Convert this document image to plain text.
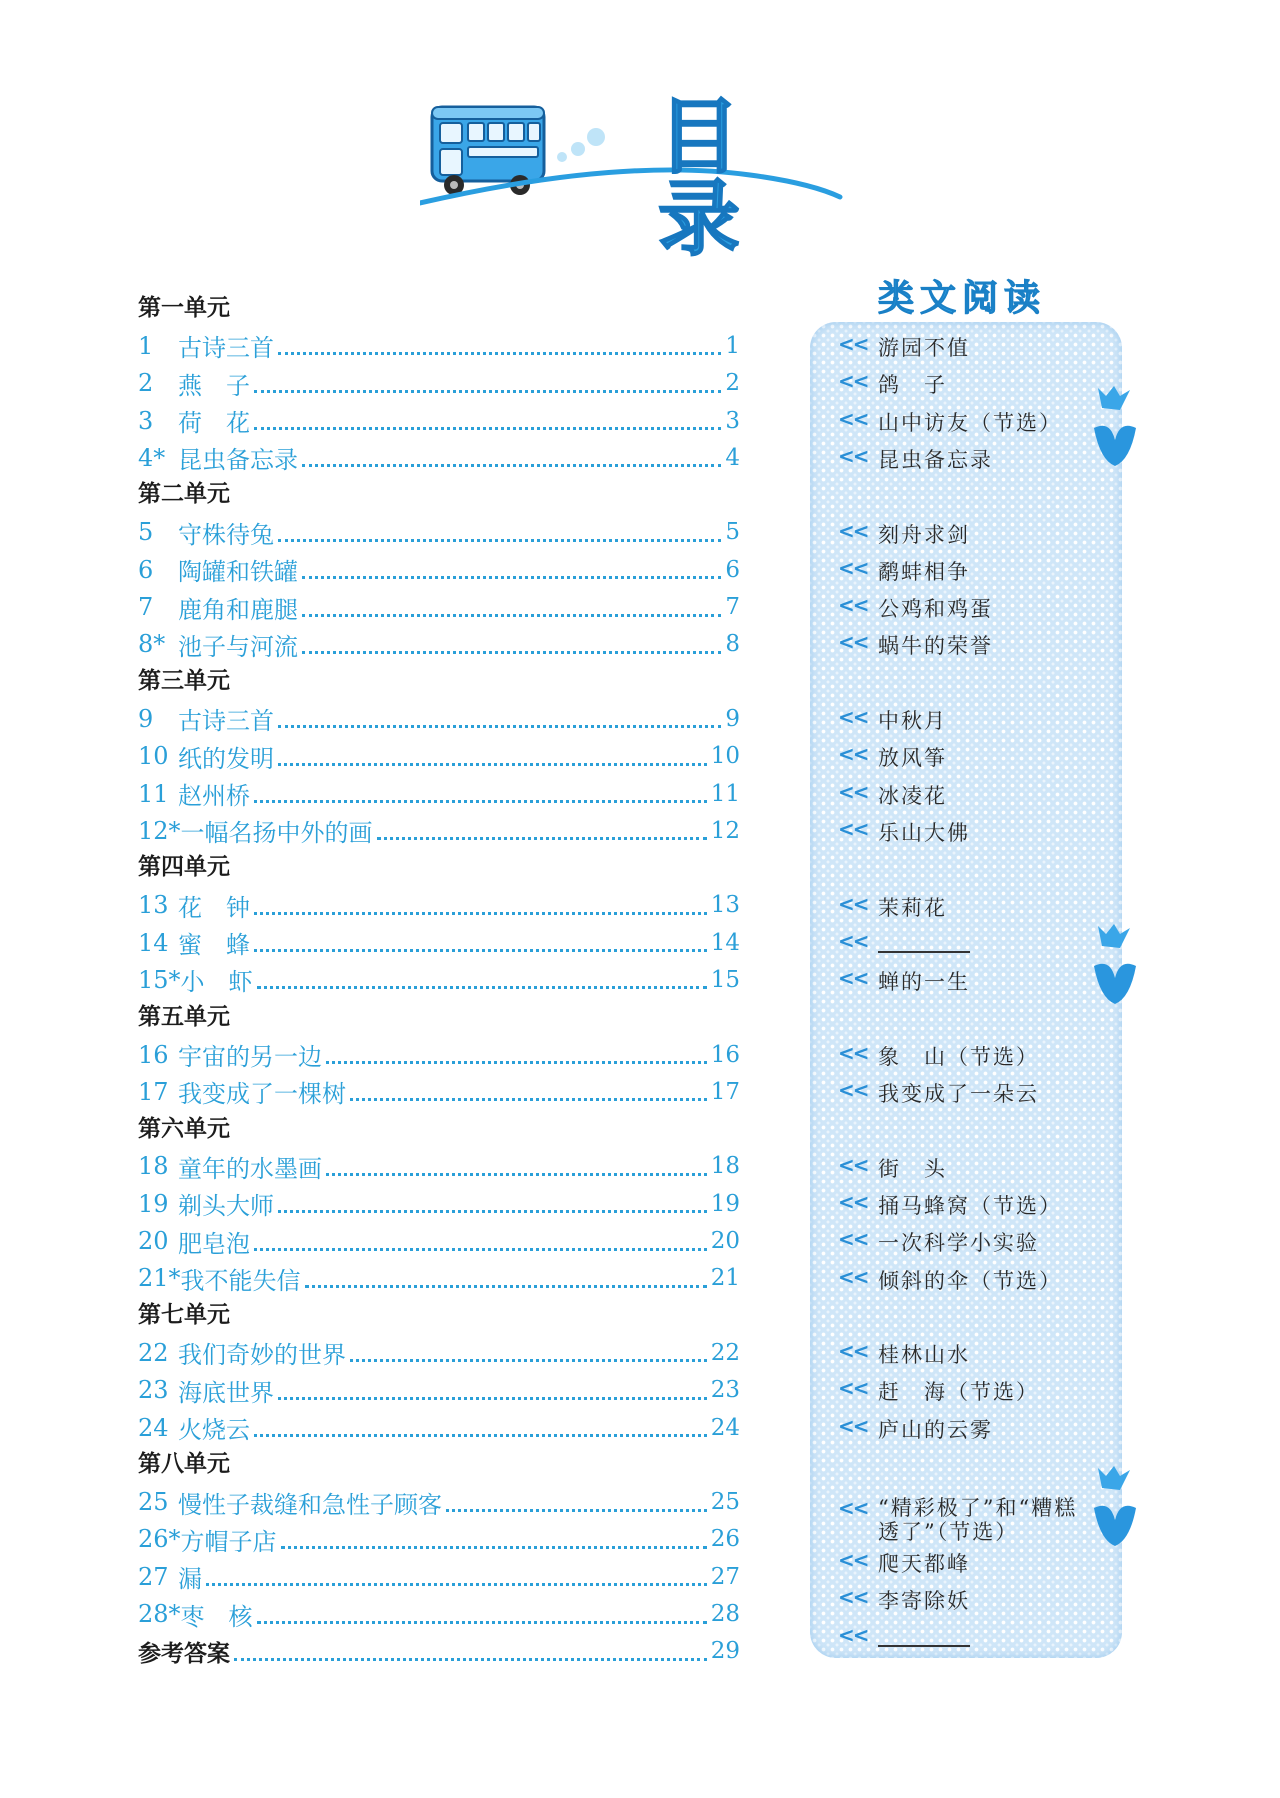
目 录
第一单元
1	古诗三首	1
2	燕　子	2
3	荷　花	3
4* 昆虫备忘录	4
第二单元
5	守株待兔	5
6	陶罐和铁罐	6
7	鹿角和鹿腿	7
8* 池子与河流	8
第三单元
9	古诗三首	9
10 纸的发明	10
11 赵州桥	11
12* 一幅名扬中外的画	12
第四单元
13 花　钟	13
14 蜜　蜂	14
15* 小　虾	15
第五单元
16 宇宙的另一边	16
17 我变成了一棵树	17
第六单元
18 童年的水墨画	18
19 剃头大师	19
20 肥皂泡	20
21* 我不能失信	21
第七单元
22 我们奇妙的世界	22
23 海底世界	23
24 火烧云	24
第八单元
25 慢性子裁缝和急性子顾客	25
26* 方帽子店	26
27 漏	27
28* 枣　核	28
参考答案	29
类文阅读
<< 游园不值
<< 鸽　子
<< 山中访友（节选）
<< 昆虫备忘录
<< 刻舟求剑
<< 鹬蚌相争
<< 公鸡和鸡蛋
<< 蜗牛的荣誉
<< 中秋月
<< 放风筝
<< 冰凌花
<< 乐山大佛
<< 茉莉花
<<
<< 蝉的一生
<< 象　山（节选）
<< 我变成了一朵云
<< 街　头
<< 捅马蜂窝（节选）
<< 一次科学小实验
<< 倾斜的伞（节选）
<< 桂林山水
<< 赶　海（节选）
<< 庐山的云雾
<< “精彩极了”和“糟糕透了”（节选）
<< 爬天都峰
<< 李寄除妖
<<
